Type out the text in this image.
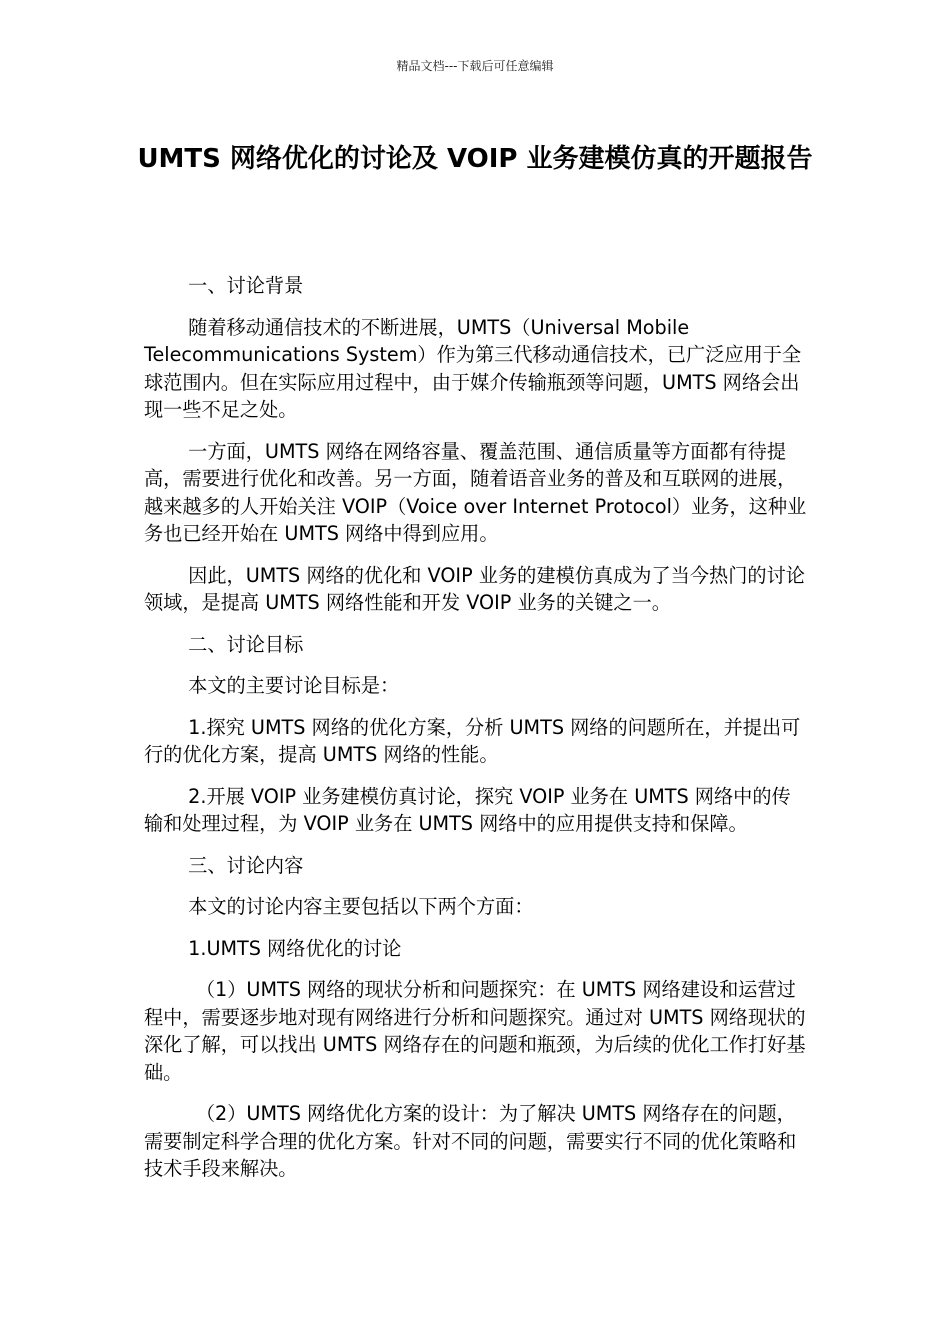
精品文档---下载后可任意编辑
UMTS 网络优化的讨论及 VOIP 业务建模仿真的开题报告

一、讨论背景

随着移动通信技术的不断进展，UMTS（Universal Mobile Telecommunications System）作为第三代移动通信技术，已广泛应用于全球范围内。但在实际应用过程中，由于媒介传输瓶颈等问题，UMTS 网络会出现一些不足之处。

一方面，UMTS 网络在网络容量、覆盖范围、通信质量等方面都有待提高，需要进行优化和改善。另一方面，随着语音业务的普及和互联网的进展，越来越多的人开始关注 VOIP（Voice over Internet Protocol）业务，这种业务也已经开始在 UMTS 网络中得到应用。

因此，UMTS 网络的优化和 VOIP 业务的建模仿真成为了当今热门的讨论领域，是提高 UMTS 网络性能和开发 VOIP 业务的关键之一。

二、讨论目标

本文的主要讨论目标是：

1.探究 UMTS 网络的优化方案，分析 UMTS 网络的问题所在，并提出可行的优化方案，提高 UMTS 网络的性能。

2.开展 VOIP 业务建模仿真讨论，探究 VOIP 业务在 UMTS 网络中的传输和处理过程，为 VOIP 业务在 UMTS 网络中的应用提供支持和保障。

三、讨论内容

本文的讨论内容主要包括以下两个方面：

1.UMTS 网络优化的讨论

（1）UMTS 网络的现状分析和问题探究：在 UMTS 网络建设和运营过程中，需要逐步地对现有网络进行分析和问题探究。通过对 UMTS 网络现状的深化了解，可以找出 UMTS 网络存在的问题和瓶颈，为后续的优化工作打好基础。

（2）UMTS 网络优化方案的设计：为了解决 UMTS 网络存在的问题，需要制定科学合理的优化方案。针对不同的问题，需要实行不同的优化策略和技术手段来解决。
